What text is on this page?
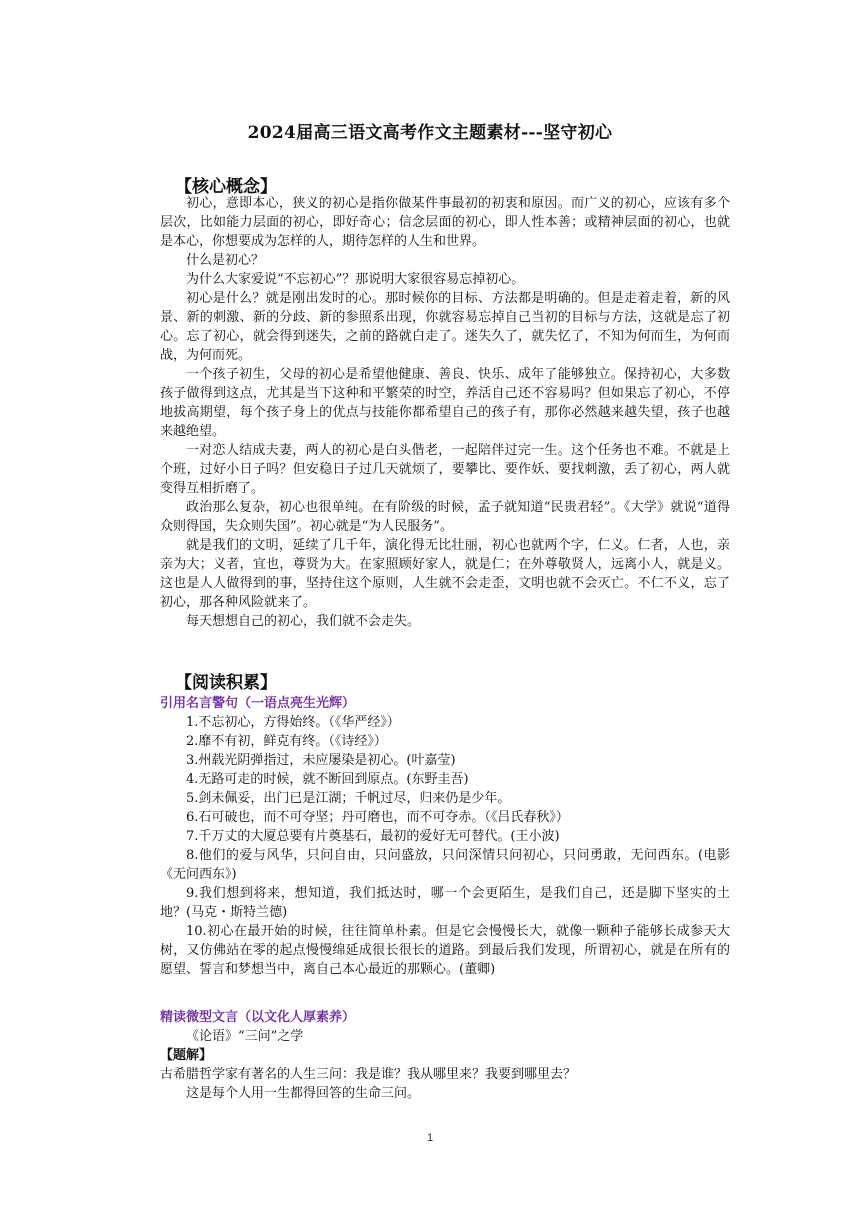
2024届高三语文高考作文主题素材---坚守初心
【核心概念】

初心，意即本心，狭义的初心是指你做某件事最初的初衷和原因。而广义的初心，应该有多个层次，比如能力层面的初心，即好奇心；信念层面的初心，即人性本善；或精神层面的初心，也就是本心，你想要成为怎样的人，期待怎样的人生和世界。

什么是初心？

为什么大家爱说“不忘初心”？那说明大家很容易忘掉初心。

初心是什么？就是刚出发时的心。那时候你的目标、方法都是明确的。但是走着走着，新的风景、新的刺激、新的分歧、新的参照系出现，你就容易忘掉自己当初的目标与方法，这就是忘了初心。忘了初心，就会得到迷失，之前的路就白走了。迷失久了，就失忆了，不知为何而生，为何而战，为何而死。

一个孩子初生，父母的初心是希望他健康、善良、快乐、成年了能够独立。保持初心，大多数孩子做得到这点，尤其是当下这种和平繁荣的时空，养活自己还不容易吗？但如果忘了初心，不停地拔高期望，每个孩子身上的优点与技能你都希望自己的孩子有，那你必然越来越失望，孩子也越来越绝望。

一对恋人结成夫妻，两人的初心是白头偕老，一起陪伴过完一生。这个任务也不难。不就是上个班，过好小日子吗？但安稳日子过几天就烦了，要攀比、要作妖、要找刺激，丢了初心，两人就变得互相折磨了。

政治那么复杂，初心也很单纯。在有阶级的时候，孟子就知道“民贵君轻”。《大学》就说“道得众则得国，失众则失国”。初心就是“为人民服务”。

就是我们的文明，延续了几千年，演化得无比壮丽，初心也就两个字，仁义。仁者，人也，亲亲为大；义者，宜也，尊贤为大。在家照顾好家人，就是仁；在外尊敬贤人，远离小人，就是义。这也是人人做得到的事，坚持住这个原则，人生就不会走歪，文明也就不会灭亡。不仁不义，忘了初心，那各种风险就来了。

每天想想自己的初心，我们就不会走失。

【阅读积累】
引用名言警句（一语点亮生光辉）

1.不忘初心，方得始终。（《华严经》）

2.靡不有初，鲜克有终。（《诗经》）

3.州载光阴弹指过，未应屡染是初心。(叶嘉莹)

4.无路可走的时候，就不断回到原点。(东野圭吾)

5.剑未佩妥，出门已是江湖；千帆过尽，归来仍是少年。

6.石可破也，而不可夺坚；丹可磨也，而不可夺赤。（《吕氏春秋》）

7.千万丈的大厦总要有片奠基石，最初的爱好无可替代。(王小波)

8.他们的爱与风华，只问自由，只问盛放，只问深情只问初心，只问勇敢，无问西东。(电影《无问西东》)

9.我们想到将来，想知道，我们抵达时，哪一个会更陌生，是我们自己，还是脚下坚实的土地？(马克・斯特兰德)

10.初心在最开始的时候，往往简单朴素。但是它会慢慢长大，就像一颗种子能够长成参天大树，又仿佛站在零的起点慢慢绵延成很长很长的道路。到最后我们发现，所谓初心，就是在所有的愿望、誓言和梦想当中，离自己本心最近的那颗心。(董卿)

精读微型文言（以文化人厚素养）

《论语》“三问”之学

【题解】

古希腊哲学家有著名的人生三问：我是谁？我从哪里来？我要到哪里去？

这是每个人用一生都得回答的生命三问。

1
